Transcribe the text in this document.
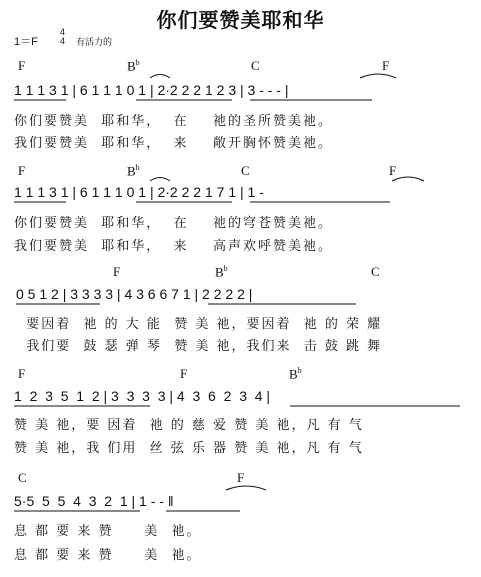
你们要赞美耶和华
1＝F
4
4 有活力的
F	$B^b$	C	F
1 1 1 3 1 | 6 1 1 1 0 1 | 2·2 2 2 1 2 3 | 3 - - - |
你们要赞美  耶和华，  在    祂的圣所赞美祂。
我们要赞美  耶和华，  来    敞开胸怀赞美祂。
F	$B^b$	C	F
1 1 1 3 1 | 6 1 1 1 0 1 | 2·2 2 2 1 7 1 | 1 -
你们要赞美  耶和华，  在    祂的穹苍赞美祂。
我们要赞美  耶和华，  来    高声欢呼赞美祂。
F	$B^b$	C
0 5 1 2 | 3 3 3 3 | 4 3 6 6 7 1 | 2 2 2 2 |
要因着  祂 的 大 能  赞 美 祂，要因着  祂 的 荣 耀
我们要  鼓 瑟 弹 琴  赞 美 祂，我们来  击 鼓 跳 舞
F	F	$B^b$
1  2  3  5  1  2 | 3  3  3  3 | 4  3  6  2  3  4 |
赞 美 祂，要 因着  祂 的 慈 爱 赞 美 祂，凡 有 气
赞 美 祂，我 们用  丝 弦 乐 器 赞 美 祂，凡 有 气
C	F
5·5  5  5  4  3  2  1 | 1 - - ‖
息 都 要 来 赞     美  祂。
息 都 要 来 赞     美  祂。
